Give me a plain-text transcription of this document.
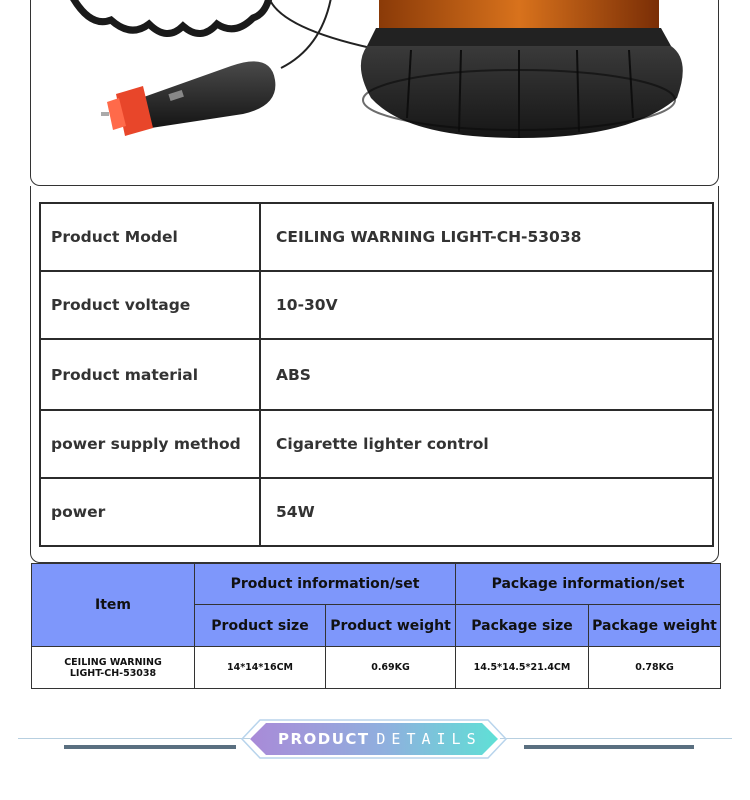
Product Model	CEILING WARNING LIGHT-CH-53038
Product voltage	10-30V
Product material	ABS
power supply method	Cigarette lighter control
power	54W
Item	Product information/set		Package information/set	
	Product size	Product weight	Package size	Package weight
CEILING WARNING
LIGHT-CH-53038	14*14*16CM	0.69KG	14.5*14.5*21.4CM	0.78KG
PRODUCT DETAILS
